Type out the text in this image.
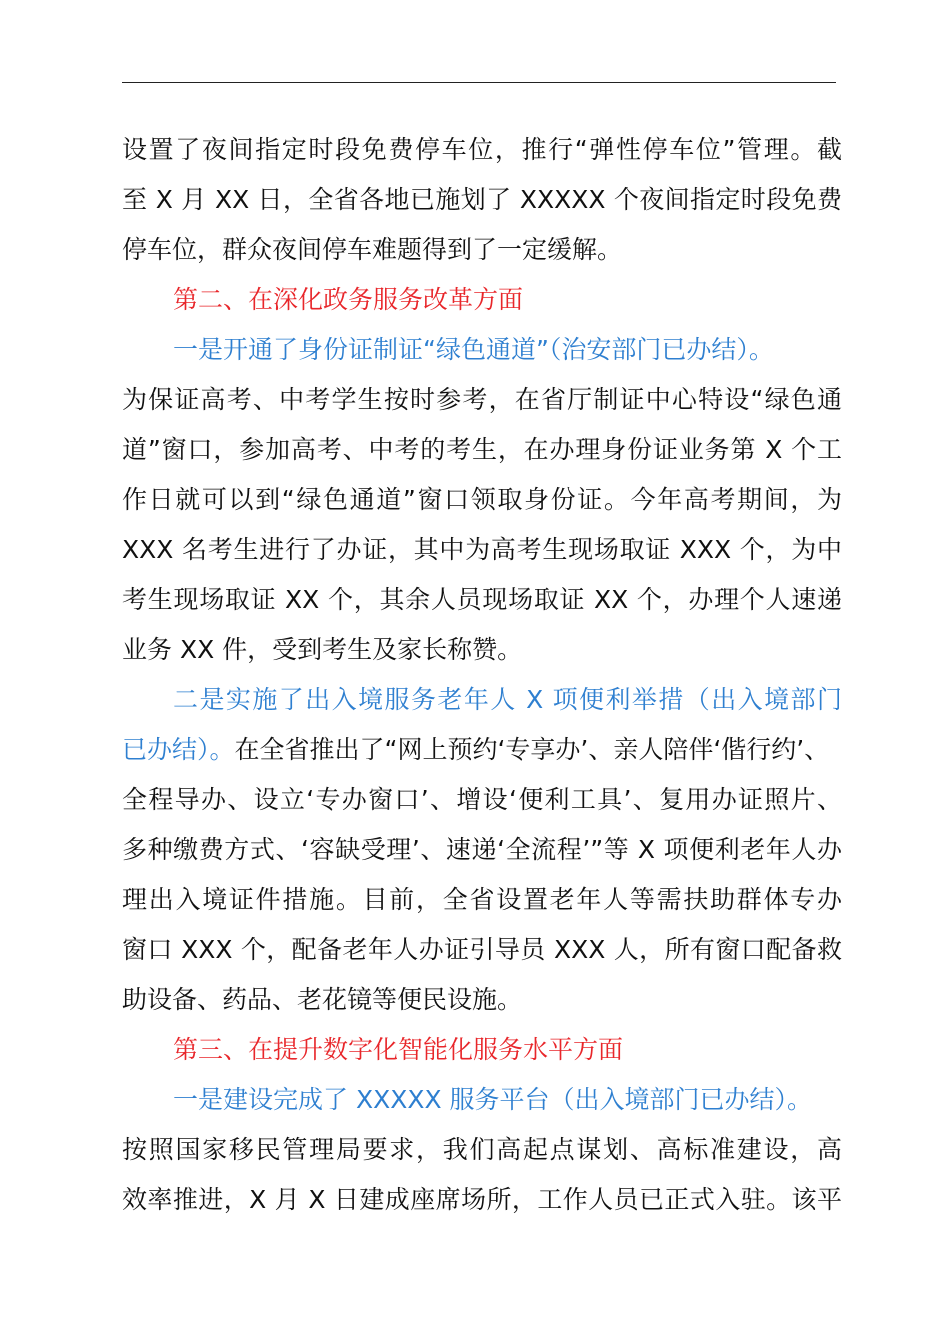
设置了夜间指定时段免费停车位，推行“弹性停车位”管理。截
至 X 月 XX 日，全省各地已施划了 XXXXX 个夜间指定时段免费
停车位，群众夜间停车难题得到了一定缓解。
第二、在深化政务服务改革方面
一是开通了身份证制证“绿色通道”（治安部门已办结）。
为保证高考、中考学生按时参考，在省厅制证中心特设“绿色通
道”窗口，参加高考、中考的考生，在办理身份证业务第 X 个工
作日就可以到“绿色通道”窗口领取身份证。今年高考期间，为
XXX 名考生进行了办证，其中为高考生现场取证 XXX 个，为中
考生现场取证 XX 个，其余人员现场取证 XX 个，办理个人速递
业务 XX 件，受到考生及家长称赞。
二是实施了出入境服务老年人 X 项便利举措（出入境部门
已办结）。在全省推出了“网上预约‘专享办’、亲人陪伴‘偕行约’、
全程导办、设立‘专办窗口’、增设‘便利工具’、复用办证照片、
多种缴费方式、‘容缺受理’、速递‘全流程’”等 X 项便利老年人办
理出入境证件措施。目前，全省设置老年人等需扶助群体专办
窗口 XXX 个，配备老年人办证引导员 XXX 人，所有窗口配备救
助设备、药品、老花镜等便民设施。
第三、在提升数字化智能化服务水平方面
一是建设完成了 XXXXX 服务平台（出入境部门已办结）。
按照国家移民管理局要求，我们高起点谋划、高标准建设，高
效率推进，X 月 X 日建成座席场所，工作人员已正式入驻。该平
